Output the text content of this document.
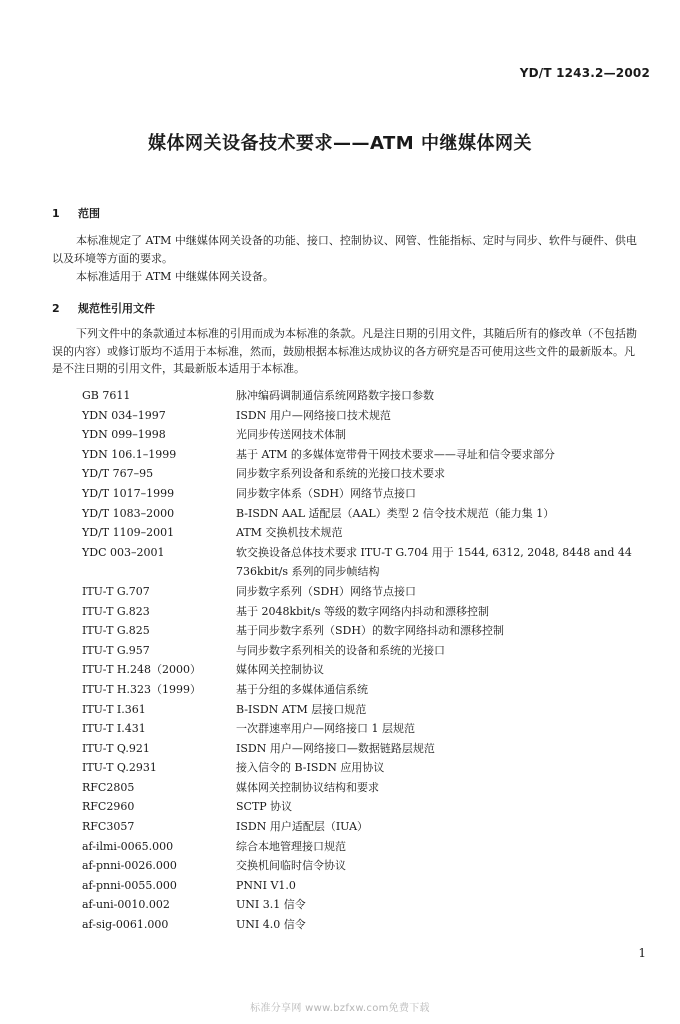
YD/T 1243.2—2002
媒体网关设备技术要求——ATM 中继媒体网关
1 范围
本标准规定了 ATM 中继媒体网关设备的功能、接口、控制协议、网管、性能指标、定时与同步、软件与硬件、供电以及环境等方面的要求。
本标准适用于 ATM 中继媒体网关设备。
2 规范性引用文件
下列文件中的条款通过本标准的引用而成为本标准的条款。凡是注日期的引用文件，其随后所有的修改单（不包括勘误的内容）或修订版均不适用于本标准，然而，鼓励根据本标准达成协议的各方研究是否可使用这些文件的最新版本。凡是不注日期的引用文件，其最新版本适用于本标准。
GB 7611	脉冲编码调制通信系统网路数字接口参数
YDN 034–1997	ISDN 用户—网络接口技术规范
YDN 099–1998	光同步传送网技术体制
YDN 106.1–1999	基于 ATM 的多媒体宽带骨干网技术要求——寻址和信令要求部分
YD/T 767–95	同步数字系列设备和系统的光接口技术要求
YD/T 1017–1999	同步数字体系（SDH）网络节点接口
YD/T 1083–2000	B-ISDN AAL 适配层（AAL）类型 2 信令技术规范（能力集 1）
YD/T 1109–2001	ATM 交换机技术规范
YDC 003–2001	软交换设备总体技术要求 ITU-T G.704 用于 1544, 6312, 2048, 8448 and 44 736kbit/s 系列的同步帧结构
ITU-T G.707	同步数字系列（SDH）网络节点接口
ITU-T G.823	基于 2048kbit/s 等级的数字网络内抖动和漂移控制
ITU-T G.825	基于同步数字系列（SDH）的数字网络抖动和漂移控制
ITU-T G.957	与同步数字系列相关的设备和系统的光接口
ITU-T H.248（2000）	媒体网关控制协议
ITU-T H.323（1999）	基于分组的多媒体通信系统
ITU-T I.361	B-ISDN ATM 层接口规范
ITU-T I.431	一次群速率用户—网络接口 1 层规范
ITU-T Q.921	ISDN 用户—网络接口—数据链路层规范
ITU-T Q.2931	接入信令的 B-ISDN 应用协议
RFC2805	媒体网关控制协议结构和要求
RFC2960	SCTP 协议
RFC3057	ISDN 用户适配层（IUA）
af-ilmi-0065.000	综合本地管理接口规范
af-pnni-0026.000	交换机间临时信令协议
af-pnni-0055.000	PNNI V1.0
af-uni-0010.002	UNI 3.1 信令
af-sig-0061.000	UNI 4.0 信令
1
标准分享网 www.bzfxw.com免费下载
